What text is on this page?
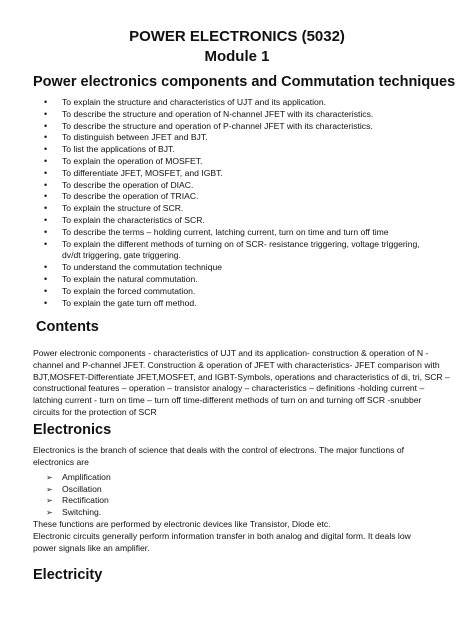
POWER ELECTRONICS (5032)
Module 1
Power electronics components and Commutation techniques
• To explain the structure and characteristics of UJT and its application.
• To describe the structure and operation of N-channel JFET with its characteristics.
• To describe the structure and operation of P-channel JFET with its characteristics.
• To distinguish between JFET and BJT.
• To list the applications of BJT.
• To explain the operation of MOSFET.
• To differentiate JFET, MOSFET, and IGBT.
• To describe the operation of DIAC.
• To describe the operation of TRIAC.
• To explain the structure of SCR.
• To explain the characteristics of SCR.
• To describe the terms – holding current, latching current, turn on time and turn off time
• To explain the different methods of turning on of SCR- resistance triggering, voltage triggering,
dv/dt triggering, gate triggering.
• To understand the commutation technique
• To explain the natural commutation.
• To explain the forced commutation.
• To explain the gate turn off method.
Contents
Power electronic components - characteristics of UJT and its application- construction & operation of N -
channel and P-channel JFET. Construction & operation of JFET with characteristics- JFET comparison with
BJT,MOSFET-Differentiate JFET,MOSFET, and IGBT-Symbols, operations and characteristics of di, tri, SCR –
constructional features – operation – transistor analogy – characteristics – definitions -holding current –
latching current - turn on time – turn off time-different methods of turn on and turning off SCR -snubber
circuits for the protection of SCR
Electronics
Electronics is the branch of science that deals with the control of electrons. The major functions of
electronics are
➢ Amplification
➢ Oscillation
➢ Rectification
➢ Switching.
These functions are performed by electronic devices like Transistor, Diode etc.
Electronic circuits generally perform information transfer in both analog and digital form. It deals low
power signals like an amplifier.
Electricity
